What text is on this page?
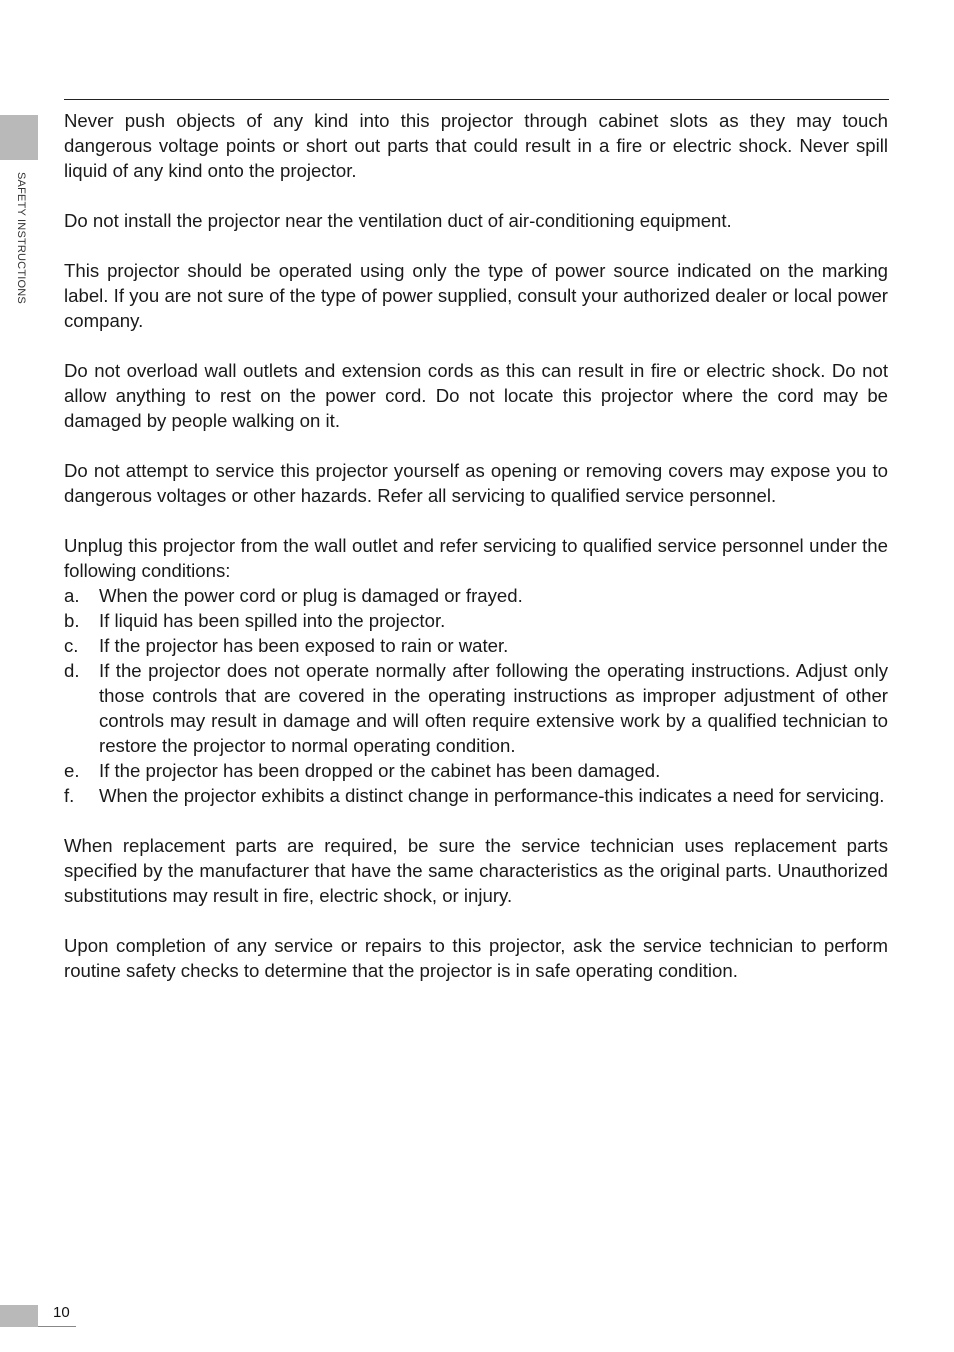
SAFETY INSTRUCTIONS

Never push objects of any kind into this projector through cabinet slots as they may touch dangerous voltage points or short out parts that could result in a fire or electric shock. Never spill liquid of any kind onto the projector.

Do not install the projector near the ventilation duct of air-conditioning equipment.

This projector should be operated using only the type of power source indicated on the marking label. If you are not sure of the type of power supplied, consult your authorized dealer or local power company.

Do not overload wall outlets and extension cords as this can result in fire or electric shock. Do not allow anything to rest on the power cord. Do not locate this projector where the cord may be damaged by people walking on it.

Do not attempt to service this projector yourself as opening or removing covers may expose you to dangerous voltages or other hazards. Refer all servicing to qualified service personnel.

Unplug this projector from the wall outlet and refer servicing to qualified service personnel under the following conditions:

a.	When the power cord or plug is damaged or frayed.
b.	If liquid has been spilled into the projector.
c.	If the projector has been exposed to rain or water.
d.	If the projector does not operate normally after following the operating instructions. Adjust only those controls that are covered in the operating instructions as improper adjustment of other controls may result in damage and will often require extensive work by a qualified technician to restore the projector to normal operating condition.
e.	If the projector has been dropped or the cabinet has been damaged.
f.	When the projector exhibits a distinct change in performance-this indicates a need for servicing.

When replacement parts are required, be sure the service technician uses replacement parts specified by the manufacturer that have the same characteristics as the original parts. Unauthorized substitutions may result in fire, electric shock, or injury.

Upon completion of any service or repairs to this projector, ask the service technician to perform routine safety checks to determine that the projector is in safe operating condition.

10
